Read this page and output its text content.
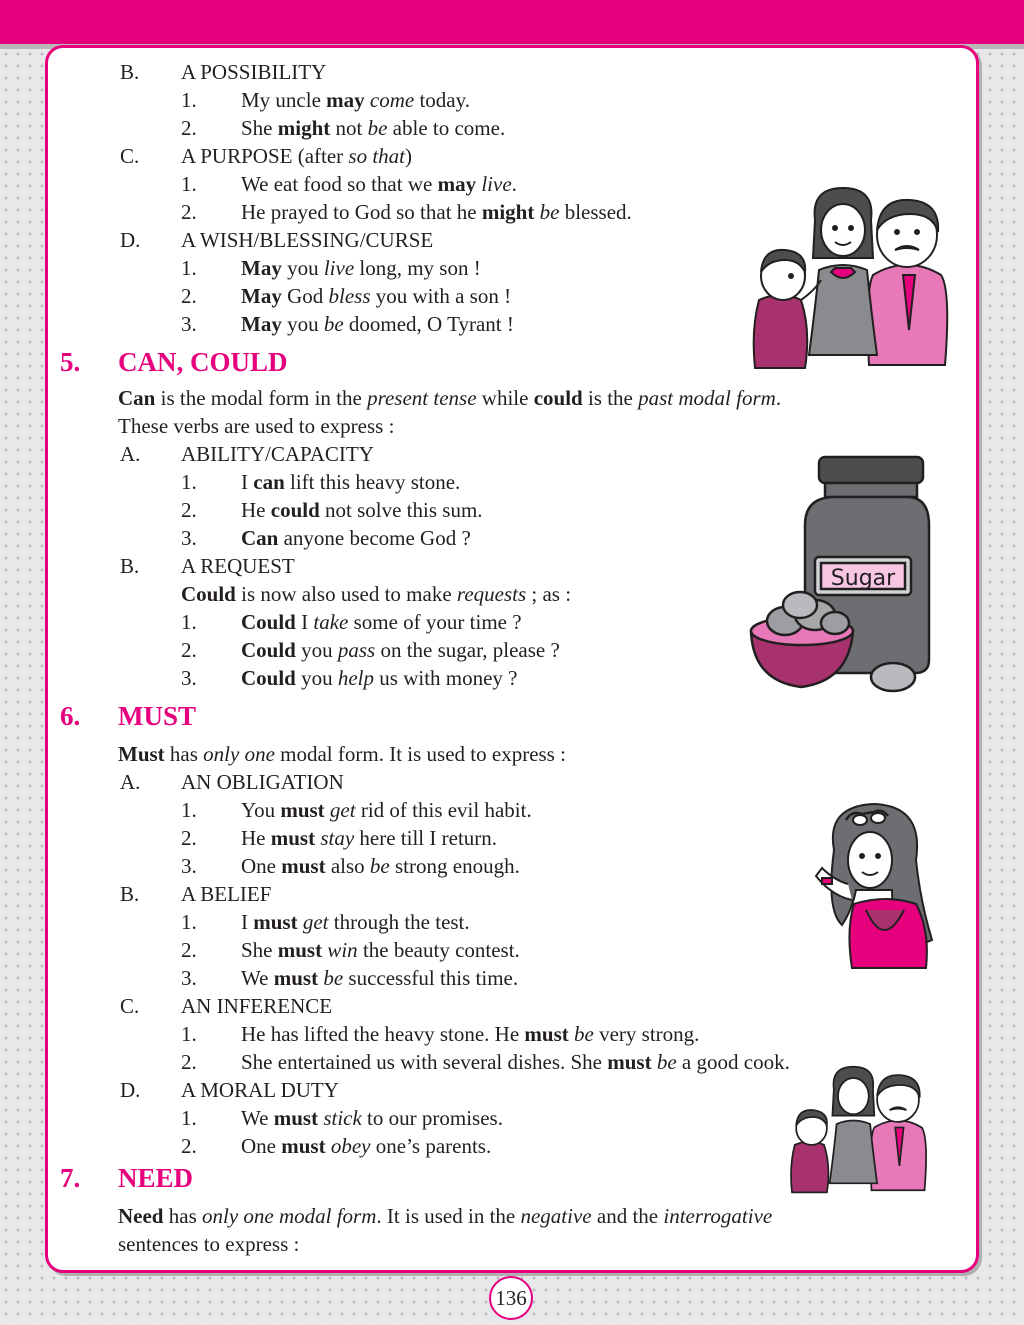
B. A POSSIBILITY
1. My uncle may come today.
2. She might not be able to come.
C. A PURPOSE (after so that)
1. We eat food so that we may live.
2. He prayed to God so that he might be blessed.
D. A WISH/BLESSING/CURSE
1. May you live long, my son !
2. May God bless you with a son !
3. May you be doomed, O Tyrant !
5. CAN, COULD
Can is the modal form in the present tense while could is the past modal form.
These verbs are used to express :
A. ABILITY/CAPACITY
1. I can lift this heavy stone.
2. He could not solve this sum.
3. Can anyone become God ?
B. A REQUEST
Could is now also used to make requests ; as :
1. Could I take some of your time ?
2. Could you pass on the sugar, please ?
3. Could you help us with money ?
6. MUST
Must has only one modal form. It is used to express :
A. AN OBLIGATION
1. You must get rid of this evil habit.
2. He must stay here till I return.
3. One must also be strong enough.
B. A BELIEF
1. I must get through the test.
2. She must win the beauty contest.
3. We must be successful this time.
C. AN INFERENCE
1. He has lifted the heavy stone. He must be very strong.
2. She entertained us with several dishes. She must be a good cook.
D. A MORAL DUTY
1. We must stick to our promises.
2. One must obey one’s parents.
7. NEED
Need has only one modal form. It is used in the negative and the interrogative
sentences to express :
Sugar
136
